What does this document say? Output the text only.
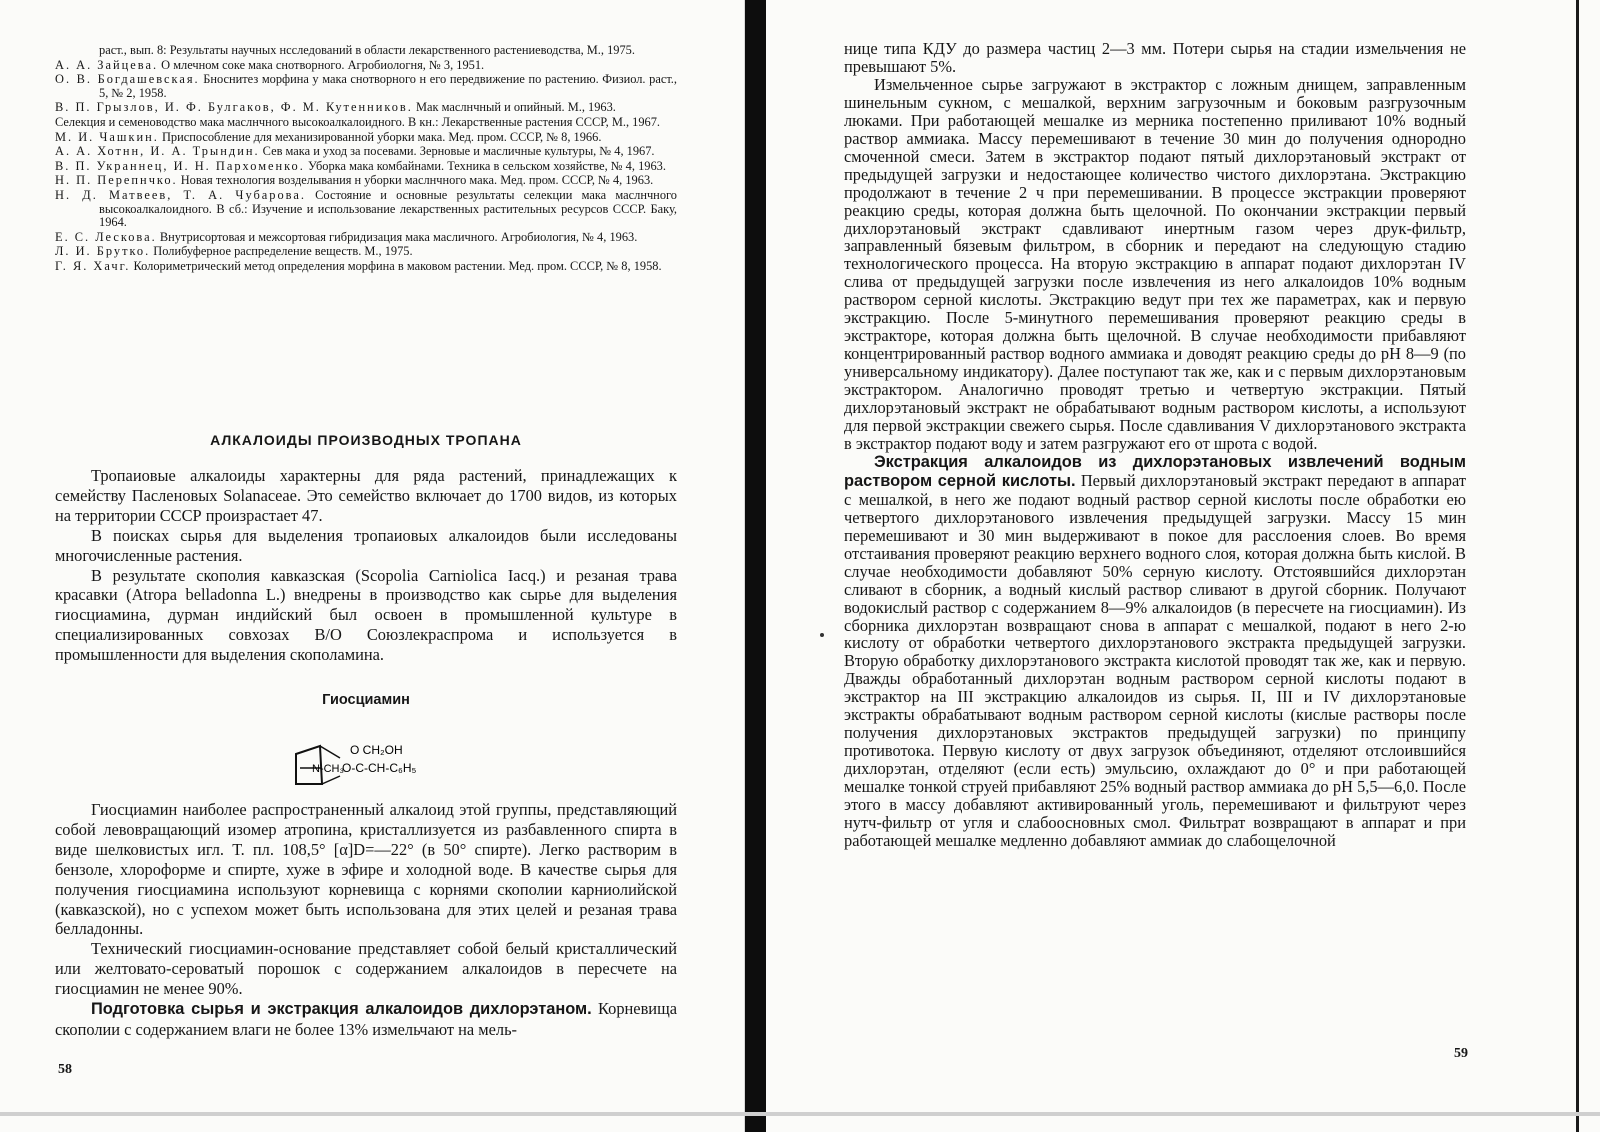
раст., вып. 8: Результаты научных нсследований в области лекарственного растениеводства, М., 1975.
А. А. Зайцева. О млечном соке мака снотворного. Агробиологня, № 3, 1951.
О. В. Богдашевская. Бноснитез морфина у мака снотворного н его передвижение по растению. Физиол. раст., 5, № 2, 1958.
В. П. Грызлов, И. Ф. Булгаков, Ф. М. Кутенников. Мак маслнчный и опийный. М., 1963.
Селекция и семеноводство мака маслнчного высокоалкалоидного. В кн.: Лекарственные растения СССР, М., 1967.
М. И. Чашкин. Приспособление для механизированной уборки мака. Мед. пром. СССР, № 8, 1966.
А. А. Хотнн, И. А. Трындин. Сев мака и уход за посевами. Зерновые и масличные культуры, № 4, 1967.
В. П. Украннец, И. Н. Пархоменко. Уборка мака комбайнами. Техника в сельском хозяйстве, № 4, 1963.
Н. П. Перепнчко. Новая технология возделывания н уборки маслнчного мака. Мед. пром. СССР, № 4, 1963.
Н. Д. Матвеев, Т. А. Чубарова. Состояние и основные результаты селекции мака маслнчного высокоалкалоидного. В сб.: Изучение и использование лекарственных растительных ресурсов СССР. Баку, 1964.
Е. С. Лескова. Внутрисортовая и межсортовая гибридизация мака масличного. Агробиология, № 4, 1963.
Л. И. Брутко. Полибуферное распределение веществ. М., 1975.
Г. Я. Хачг. Колориметрический метод определения морфина в маковом растении. Мед. пром. СССР, № 8, 1958.
АЛКАЛОИДЫ ПРОИЗВОДНЫХ ТРОПАНА

Тропаиовые алкалоиды характерны для ряда растений, принадлежащих к семейству Пасленовых Solanaceae. Это семейство включает до 1700 видов, из которых на территории СССР произрастает 47.

В поисках сырья для выделения тропаиовых алкалоидов были исследованы многочисленные растения.

В результате скополия кавказская (Scopolia Carniolica Iacq.) и резаная трава красавки (Atropa belladonna L.) внедрены в производство как сырье для выделения гиосциамина, дурман индийский был освоен в промышленной культуре в специализированных совхозах В/О Союзлекраспрома и используется в промышленности для выделения скополамина.

Гиосциамин
N-CH₃
O CH₂OH
O-C-CH-C₆H₅

Гиосциамин наиболее распространенный алкалоид этой группы, представляющий собой левовращающий изомер атропина, кристаллизуется из разбавленного спирта в виде шелковистых игл. Т. пл. 108,5° [α]D=—22° (в 50° спирте). Легко растворим в бензоле, хлороформе и спирте, хуже в эфире и холодной воде. В качестве сырья для получения гиосциамина используют корневища с корнями скополии карниолийской (кавказской), но с успехом может быть использована для этих целей и резаная трава белладонны.

Технический гиосциамин-основание представляет собой белый кристаллический или желтовато-сероватый порошок с содержанием алкалоидов в пересчете на гиосциамин не менее 90%.

Подготовка сырья и экстракция алкалоидов дихлорэтаном. Корневища скополии с содержанием влаги не более 13% измельчают на мель-

58

нице типа КДУ до размера частиц 2—3 мм. Потери сырья на стадии измельчения не превышают 5%.

Измельченное сырье загружают в экстрактор с ложным днищем, заправленным шинельным сукном, с мешалкой, верхним загрузочным и боковым разгрузочным люками. При работающей мешалке из мерника постепенно приливают 10% водный раствор аммиака. Массу перемешивают в течение 30 мин до получения однородно смоченной смеси. Затем в экстрактор подают пятый дихлорэтановый экстракт от предыдущей загрузки и недостающее количество чистого дихлорэтана. Экстракцию продолжают в течение 2 ч при перемешивании. В процессе экстракции проверяют реакцию среды, которая должна быть щелочной. По окончании экстракции первый дихлорэтановый экстракт сдавливают инертным газом через друк-фильтр, заправленный бязевым фильтром, в сборник и передают на следующую стадию технологического процесса. На вторую экстракцию в аппарат подают дихлорэтан IV слива от предыдущей загрузки после извлечения из него алкалоидов 10% водным раствором серной кислоты. Экстракцию ведут при тех же параметрах, как и первую экстракцию. После 5-минутного перемешивания проверяют реакцию среды в экстракторе, которая должна быть щелочной. В случае необходимости прибавляют концентрированный раствор водного аммиака и доводят реакцию среды до pH 8—9 (по универсальному индикатору). Далее поступают так же, как и с первым дихлорэтановым экстрактором. Аналогично проводят третью и четвертую экстракции. Пятый дихлорэтановый экстракт не обрабатывают водным раствором кислоты, а используют для первой экстракции свежего сырья. После сдавливания V дихлорэтанового экстракта в экстрактор подают воду и затем разгружают его от шрота с водой.

Экстракция алкалоидов из дихлорэтановых извлечений водным раствором серной кислоты. Первый дихлорэтановый экстракт передают в аппарат с мешалкой, в него же подают водный раствор серной кислоты после обработки ею четвертого дихлорэтанового извлечения предыдущей загрузки. Массу 15 мин перемешивают и 30 мин выдерживают в покое для расслоения слоев. Во время отстаивания проверяют реакцию верхнего водного слоя, которая должна быть кислой. В случае необходимости добавляют 50% серную кислоту. Отстоявшийся дихлорэтан сливают в сборник, а водный кислый раствор сливают в другой сборник. Получают водокислый раствор с содержанием 8—9% алкалоидов (в пересчете на гиосциамин). Из сборника дихлорэтан возвращают снова в аппарат с мешалкой, подают в него 2-ю кислоту от обработки четвертого дихлорэтанового экстракта предыдущей загрузки. Вторую обработку дихлорэтанового экстракта кислотой проводят так же, как и первую. Дважды обработанный дихлорэтан водным раствором серной кислоты подают в экстрактор на III экстракцию алкалоидов из сырья. II, III и IV дихлорэтановые экстракты обрабатывают водным раствором серной кислоты (кислые растворы после получения дихлорэтановых экстрактов предыдущей загрузки) по принципу противотока. Первую кислоту от двух загрузок объединяют, отделяют отслоившийся дихлорэтан, отделяют (если есть) эмульсию, охлаждают до 0° и при работающей мешалке тонкой струей прибавляют 25% водный раствор аммиака до pH 5,5—6,0. После этого в массу добавляют активированный уголь, перемешивают и фильтруют через нутч-фильтр от угля и слабоосновных смол. Фильтрат возвращают в аппарат и при работающей мешалке медленно добавляют аммиак до слабощелочной

59
